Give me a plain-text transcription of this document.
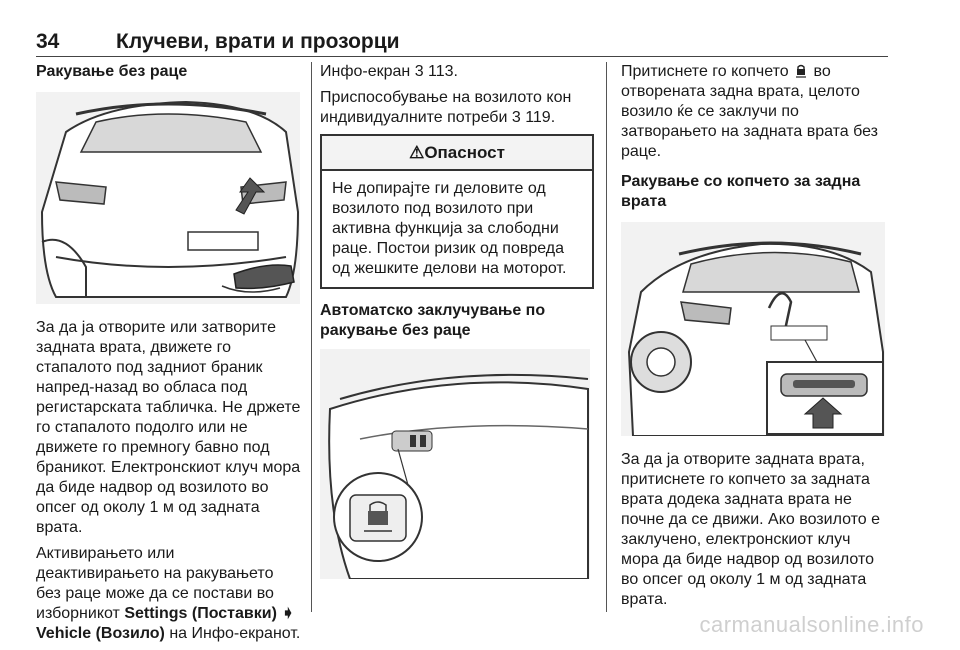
34	Клучеви, врати и прозорци

Ракување без раце

За да ја отворите или затворите задната врата, движете го стапалото под задниот браник напред-назад во обласа под регистарската табличка. Не држете го стапалото подолго или не движете го премногу бавно под браникот. Електронскиот клуч мора да биде надвор од возилото во опсег од околу 1 м од задната врата.

Активирањето или деактивирањето на ракувањето без раце може да се постави во изборникот Settings (Поставки) ➧
Vehicle (Возило) на Инфо-екранот.

Инфо-екран 3 113.

Приспособување на возилото кон индивидуалните потреби 3 119.

⚠Опасност
Не допирајте ги деловите од возилото под возилото при активна функција за слободни раце. Постои ризик од повреда од жешките делови на моторот.

Автоматско заклучување по ракување без раце

Притиснете го копчето  во отворената задна врата, целото возило ќе се заклучи по затворањето на задната врата без раце.

Ракување со копчето за задна врата

За да ја отворите задната врата, притиснете го копчето за задната врата додека задната врата не почне да се движи. Ако возилото е заклучено, електронскиот клуч мора да биде надвор од возилото во опсег од околу 1 м од задната врата.

carmanualsonline.info
